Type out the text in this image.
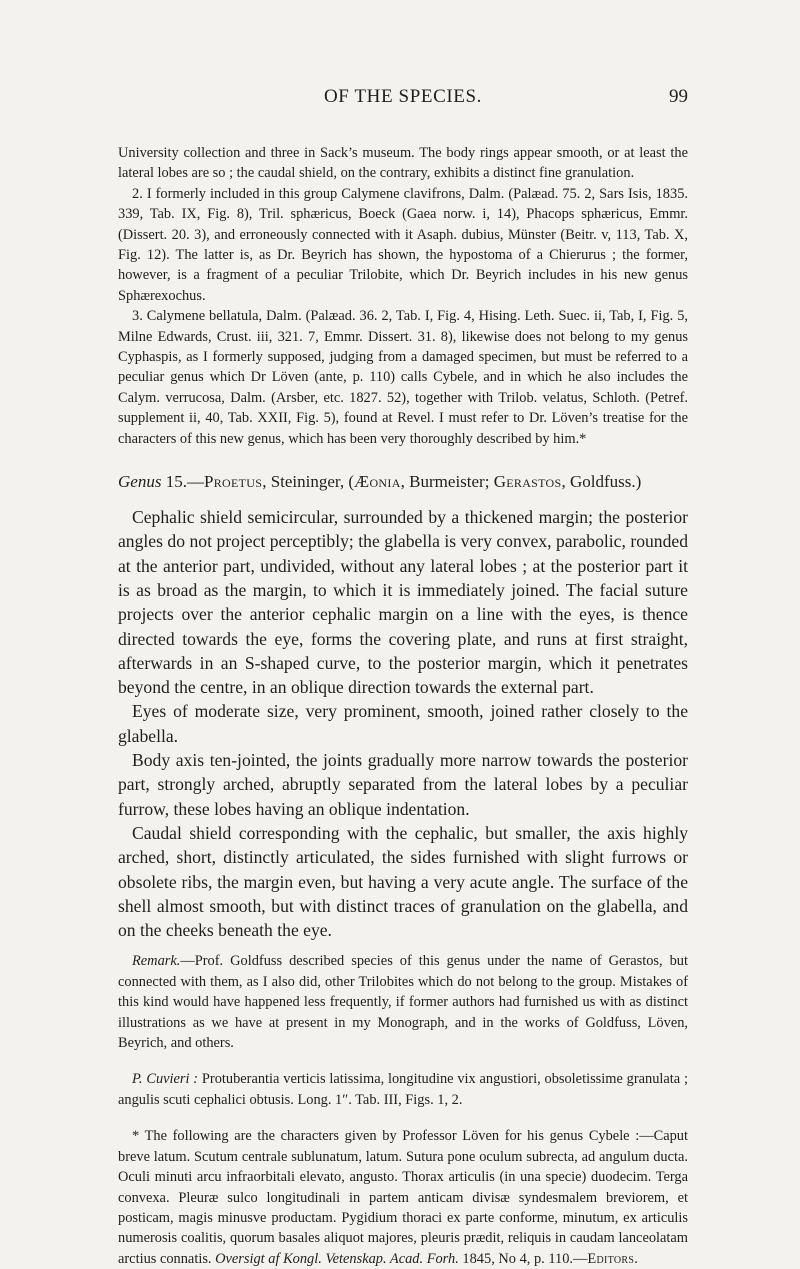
OF THE SPECIES.	99

University collection and three in Sack’s museum. The body rings appear smooth, or at least the lateral lobes are so ; the caudal shield, on the contrary, exhibits a distinct fine granulation.

2. I formerly included in this group Calymene clavifrons, Dalm. (Palæad. 75. 2, Sars Isis, 1835. 339, Tab. IX, Fig. 8), Tril. sphæricus, Boeck (Gaea norw. i, 14), Phacops sphæricus, Emmr. (Dissert. 20. 3), and erroneously connected with it Asaph. dubius, Münster (Beitr. v, 113, Tab. X, Fig. 12). The latter is, as Dr. Beyrich has shown, the hypostoma of a Chierurus ; the former, however, is a fragment of a peculiar Trilobite, which Dr. Beyrich includes in his new genus Sphærexochus.

3. Calymene bellatula, Dalm. (Palæad. 36. 2, Tab. I, Fig. 4, Hising. Leth. Suec. ii, Tab, I, Fig. 5, Milne Edwards, Crust. iii, 321. 7, Emmr. Dissert. 31. 8), likewise does not belong to my genus Cyphaspis, as I formerly supposed, judging from a damaged specimen, but must be referred to a peculiar genus which Dr Löven (ante, p. 110) calls Cybele, and in which he also includes the Calym. verrucosa, Dalm. (Arsber, etc. 1827. 52), together with Trilob. velatus, Schloth. (Petref. supplement ii, 40, Tab. XXII, Fig. 5), found at Revel. I must refer to Dr. Löven’s treatise for the characters of this new genus, which has been very thoroughly described by him.*

Genus 15.—Proetus, Steininger, (Æonia, Burmeister; Gerastos, Goldfuss.)

Cephalic shield semicircular, surrounded by a thickened margin; the posterior angles do not project perceptibly; the glabella is very convex, parabolic, rounded at the anterior part, undivided, without any lateral lobes ; at the posterior part it is as broad as the margin, to which it is immediately joined. The facial suture projects over the anterior cephalic margin on a line with the eyes, is thence directed towards the eye, forms the covering plate, and runs at first straight, afterwards in an S-shaped curve, to the posterior margin, which it penetrates beyond the centre, in an oblique direction towards the external part.

Eyes of moderate size, very prominent, smooth, joined rather closely to the glabella.

Body axis ten-jointed, the joints gradually more narrow towards the posterior part, strongly arched, abruptly separated from the lateral lobes by a peculiar furrow, these lobes having an oblique indentation.

Caudal shield corresponding with the cephalic, but smaller, the axis highly arched, short, distinctly articulated, the sides furnished with slight furrows or obsolete ribs, the margin even, but having a very acute angle. The surface of the shell almost smooth, but with distinct traces of granulation on the glabella, and on the cheeks beneath the eye.

Remark.—Prof. Goldfuss described species of this genus under the name of Gerastos, but connected with them, as I also did, other Trilobites which do not belong to the group. Mistakes of this kind would have happened less frequently, if former authors had furnished us with as distinct illustrations as we have at present in my Monograph, and in the works of Goldfuss, Löven, Beyrich, and others.

P. Cuvieri : Protuberantia verticis latissima, longitudine vix angustiori, obsoletissime granulata ; angulis scuti cephalici obtusis. Long. 1″. Tab. III, Figs. 1, 2.

* The following are the characters given by Professor Löven for his genus Cybele :—Caput breve latum. Scutum centrale sublunatum, latum. Sutura pone oculum subrecta, ad angulum ducta. Oculi minuti arcu infraorbitali elevato, angusto. Thorax articulis (in una specie) duodecim. Terga convexa. Pleuræ sulco longitudinali in partem anticam divisæ syndesmalem breviorem, et posticam, magis minusve productam. Pygidium thoraci ex parte conforme, minutum, ex articulis numerosis coalitis, quorum basales aliquot majores, pleuris prædit, reliquis in caudam lanceolatam arctius connatis. Oversigt af Kongl. Vetenskap. Acad. Forh. 1845, No 4, p. 110.—Editors.
